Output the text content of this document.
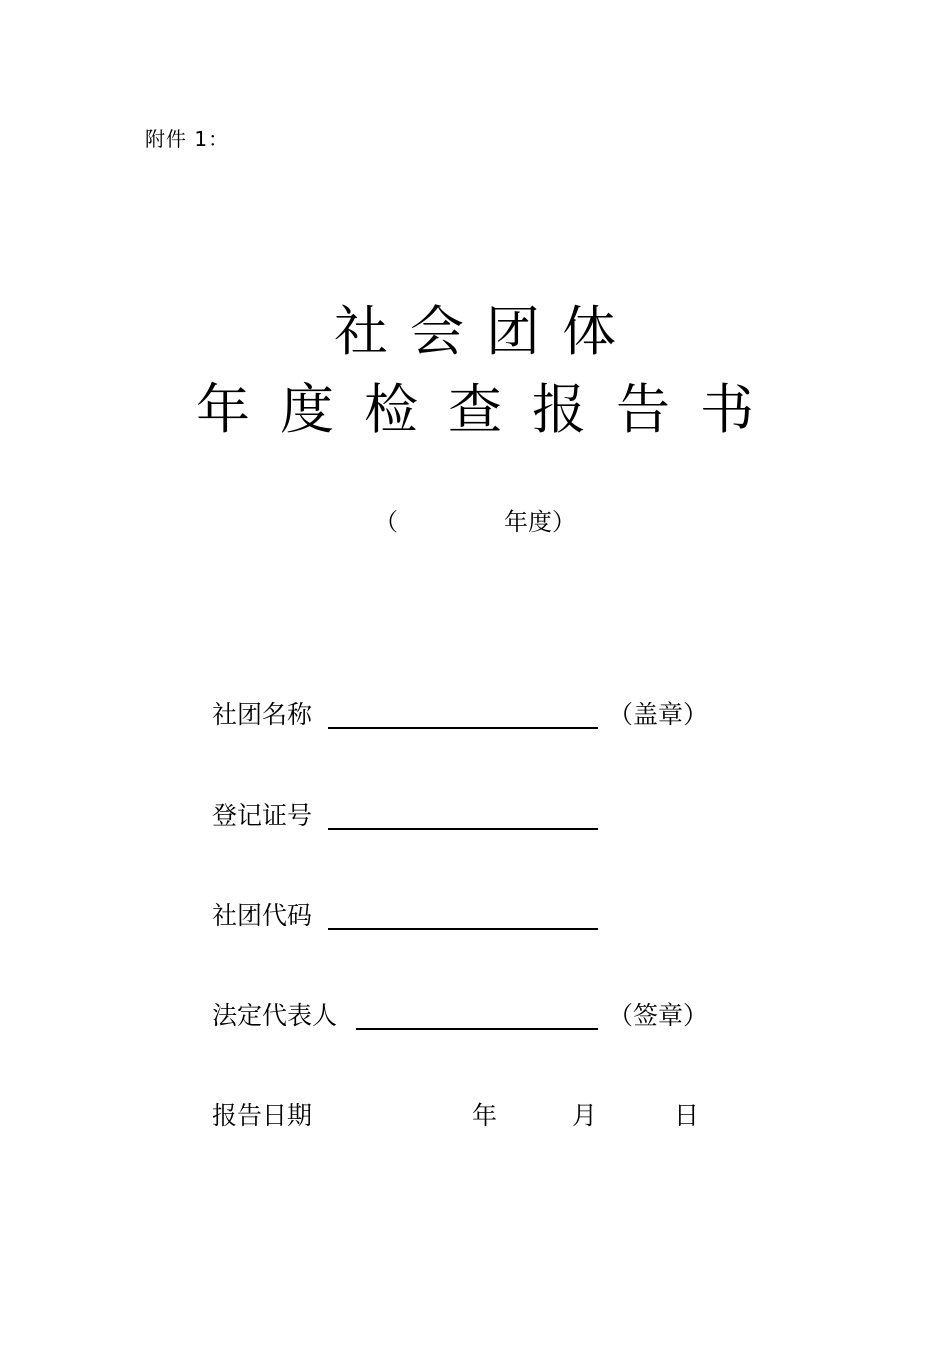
附件 1：
社会团体
年度检查报告书
（	年度）
社团名称	（盖章）
登记证号
社团代码
法定代表人	（签章）
报告日期	年	月	日
